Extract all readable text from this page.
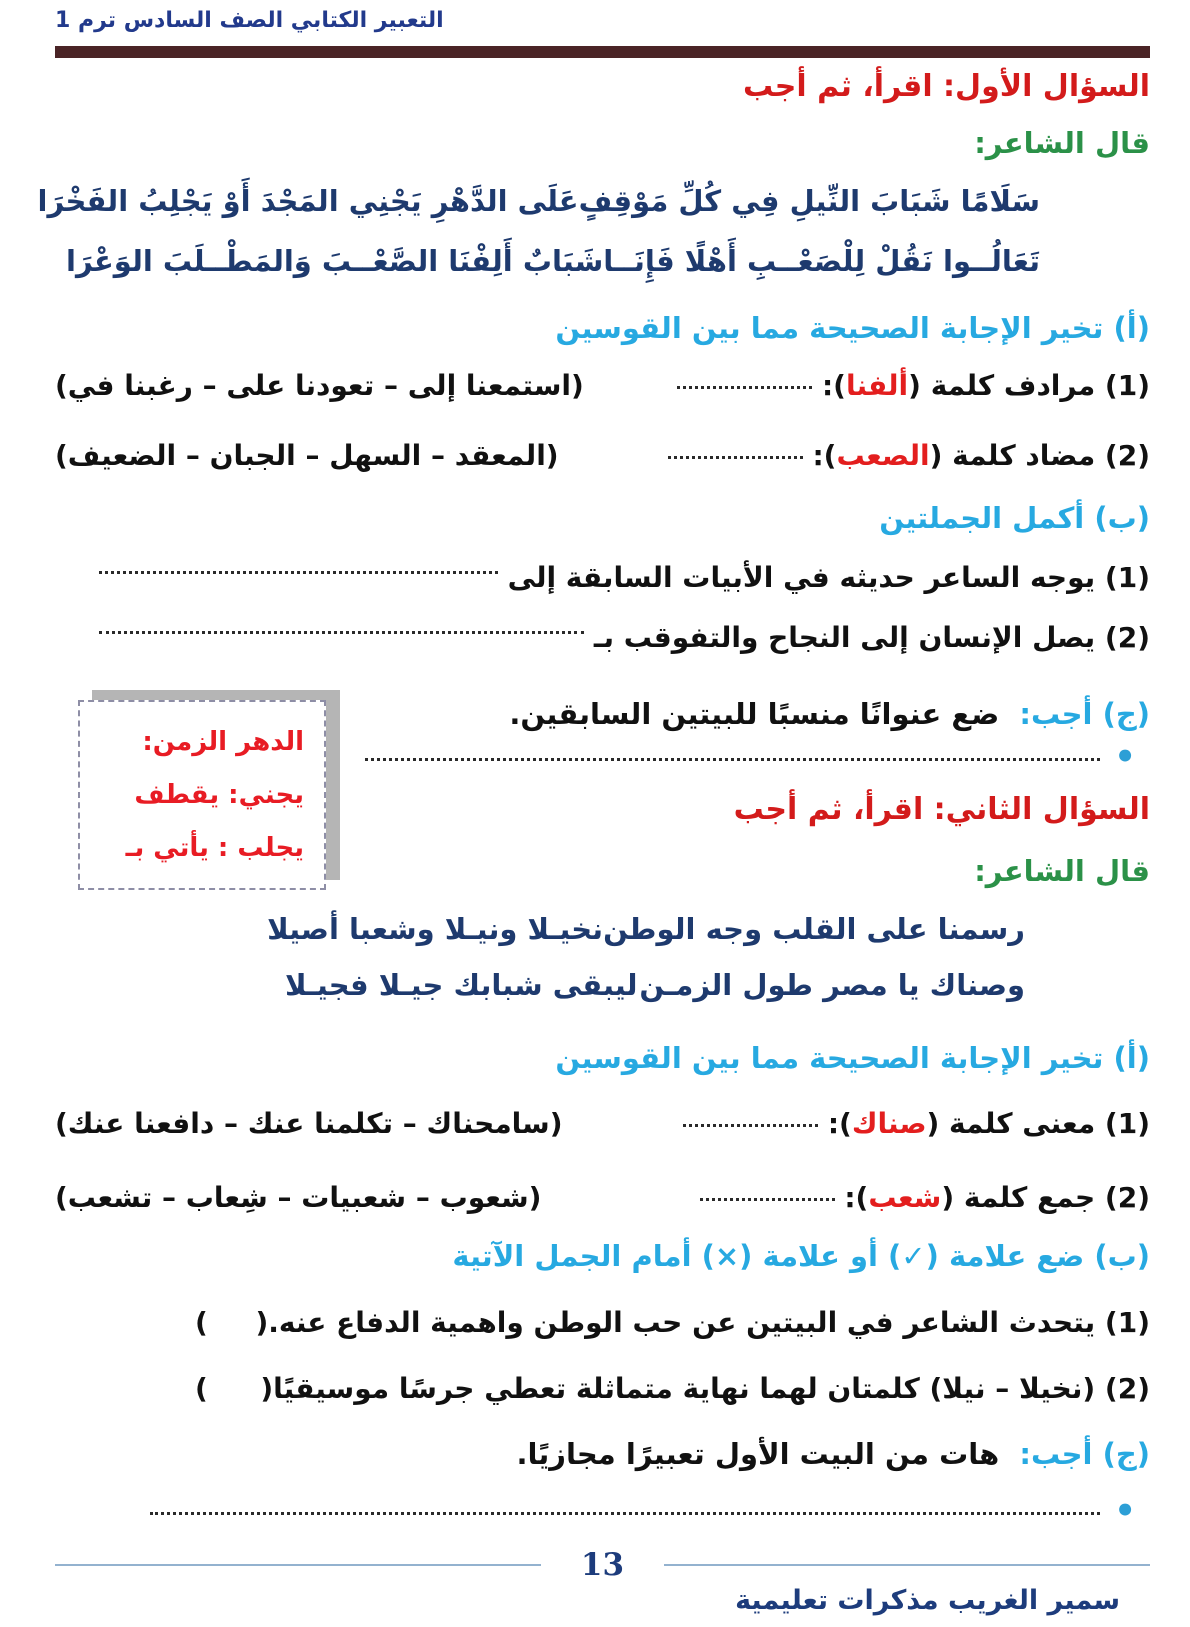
التعبير الكتابي الصف السادس ترم 1
السؤال الأول: اقرأ، ثم أجب
قال الشاعر:
سَلَامًا شَبَابَ النِّيلِ فِي كُلِّ مَوْقِفٍ
عَلَى الدَّهْرِ يَجْنِي المَجْدَ أَوْ يَجْلِبُ الفَخْرَا
تَعَالُــوا نَقُلْ لِلْصَعْــبِ أَهْلًا فَإِنَــا
شَبَابٌ أَلِفْنَا الصَّعْــبَ وَالمَطْــلَبَ الوَعْرَا
(أ) تخير الإجابة الصحيحة مما بين القوسين
(1) مرادف كلمة (ألفنا):
(استمعنا إلى – تعودنا على – رغبنا في)
(2) مضاد كلمة (الصعب):
(المعقد – السهل – الجبان – الضعيف)
(ب) أكمل الجملتين
(1) يوجه الساعر حديثه في الأبيات السابقة إلى
(2) يصل الإنسان إلى النجاح والتفوقب بـ
(ج) أجب: ضع عنوانًا منسبًا للبيتين السابقين.
•
الدهر الزمن:
يجني: يقطف
يجلب : يأتي بـ
السؤال الثاني: اقرأ، ثم أجب
قال الشاعر:
رسمنا على القلب وجه الوطن
نخيـلا ونيـلا وشعبا أصيلا
وصناك يا مصر طول الزمـن
ليبقى شبابك جيـلا فجيـلا
(أ) تخير الإجابة الصحيحة مما بين القوسين
(1) معنى كلمة (صناك):
(سامحناك – تكلمنا عنك – دافعنا عنك)
(2) جمع كلمة (شعب):
(شعوب – شعبيات – شِعاب – تشعب)
(ب) ضع علامة (✓) أو علامة (×) أمام الجمل الآتية
(1) يتحدث الشاعر في البيتين عن حب الوطن واهمية الدفاع عنه.(
)
(2) (نخيلا – نيلا) كلمتان لهما نهاية متماثلة تعطي جرسًا موسيقيًا(
)
(ج) أجب: هات من البيت الأول تعبيرًا مجازيًا.
•
13
سمير الغريب مذكرات تعليمية
